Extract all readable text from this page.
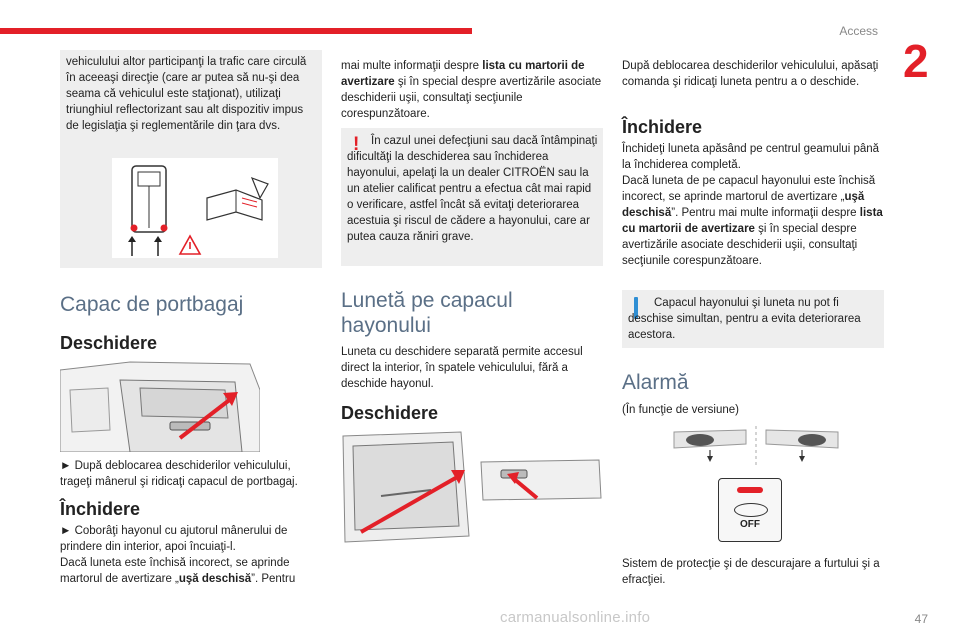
Access
2

vehiculului altor participanţi la trafic care circulă în aceeaşi direcţie (care ar putea să nu-şi dea seama că vehiculul este staţionat), utilizaţi triunghiul reflectorizant sau alt dispozitiv impus de legislaţia şi reglementările din ţara dvs.

Capac de portbagaj
Deschidere

► După deblocarea deschiderilor vehiculului, trageţi mânerul şi ridicaţi capacul de portbagaj.

Închidere

► Coborâţi hayonul cu ajutorul mânerului de prindere din interior, apoi încuiaţi-l.
Dacă luneta este închisă incorect, se aprinde martorul de avertizare „uşă deschisă”. Pentru

mai multe informaţii despre lista cu martorii de avertizare şi în special despre avertizările asociate deschiderii uşii, consultaţi secţiunile corespunzătoare.

!	În cazul unei defecţiuni sau dacă întâmpinaţi dificultăţi la deschiderea sau închiderea hayonului, apelaţi la un dealer CITROËN sau la un atelier calificat pentru a efectua cât mai rapid o verificare, astfel încât să evitaţi deteriorarea acestuia şi riscul de cădere a hayonului, care ar putea cauza răniri grave.

Lunetă pe capacul hayonului

Luneta cu deschidere separată permite accesul direct la interior, în spatele vehiculului, fără a deschide hayonul.

Deschidere

După deblocarea deschiderilor vehiculului, apăsaţi comanda şi ridicaţi luneta pentru a o deschide.

Închidere

Închideţi luneta apăsând pe centrul geamului până la închiderea completă.
Dacă luneta de pe capacul hayonului este închisă incorect, se aprinde martorul de avertizare „uşă deschisă”. Pentru mai multe informaţii despre lista cu martorii de avertizare şi în special despre avertizările asociate deschiderii uşii, consultaţi secţiunile corespunzătoare.

Capacul hayonului şi luneta nu pot fi deschise simultan, pentru a evita deteriorarea acestora.

Alarmă

(În funcţie de versiune)

OFF

Sistem de protecţie şi de descurajare a furtului şi a efracţiei.

carmanualsonline.info	47
